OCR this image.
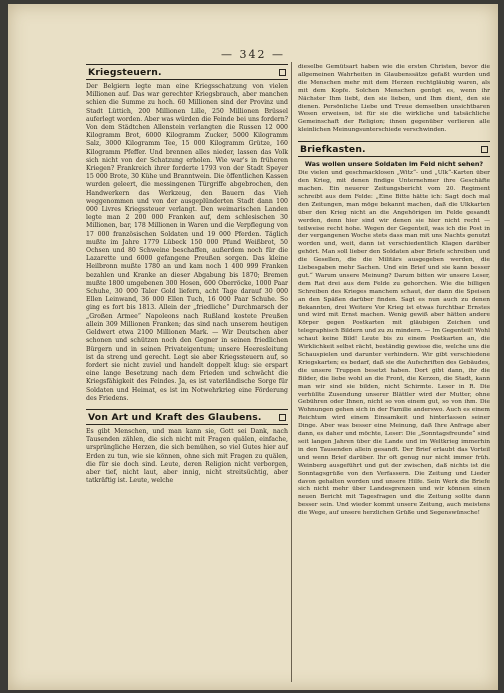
— 342 —
Kriegsteuern.

Der Belgiern legte man eine Kriegsschatzung von vielen Millionen auf. Das war gerechter Kriegsbrauch, aber manchen schien die Summe zu hoch. 60 Millionen sind der Provinz und Stadt Lüttich, 200 Millionen Lille, 250 Millionen Brüssel auferlegt worden. Aber was würden die Feinde bei uns fordern? Von dem Städtchen Allenstein verlangten die Russen 12 000 Kilogramm Brot, 6000 Kilogramm Zucker, 5000 Kilogramm Salz, 3000 Kilogramm Tee, 15 000 Kilogramm Grütze, 160 Kilogramm Pfeffer. Und brennen alles nieder, lassen das Volk sich nicht von der Schatzung erholen. Wie war's in früheren Kriegen? Frankreich ihrer forderte 1793 von der Stadt Speyer 15 000 Brote, 30 Kühe und Branntwein. Die öffentlichen Kassen wurden geleert, die messingenen Türgriffe abgebrochen, den Handwerkern das Werkzeug, den Bauern das Vieh weggenommen und von der ausgeplünderten Stadt dann 100 000 Livres Kriegssteuer verlangt. Den weimarischen Landen legte man 2 200 000 Franken auf, dem schlesischen 30 Millionen, bar, 178 Millionen in Waren und die Verpflegung von 17 000 französischen Soldaten und 19 000 Pferden. Täglich mußte im Jahre 1779 Lübeck 150 000 Pfund Weißbrot, 50 Ochsen und 80 Schweine beschaffen, außerdem noch für die Lazarette und 6000 gefangene Preußen sorgen. Das kleine Heilbronn mußte 1780 an und kam noch 1 400 999 Franken bezahlen und Kranke an dieser Abgabung bis 1870; Bremen mußte 1800 umgebenen 300 Hosen, 600 Oberröcke, 1000 Paar Schuhe, 30 000 Taler Gold liefern, acht Tage darauf 30 000 Ellen Leinwand, 36 000 Ellen Tuch, 16 000 Paar Schuhe. So ging es fort bis 1813. Allein der „friedliche“ Durchmarsch der „Großen Armee“ Napoleons nach Rußland kostete Preußen allein 309 Millionen Franken; das sind nach unserem heutigen Geldwert etwa 2100 Millionen Mark. — Wir Deutschen aber schonen und schützen noch den Gegner in seinen friedlichen Bürgern und in seinen Privateigentum; unsere Heeresleitung ist da streng und gerecht. Legt sie aber Kriegssteuern auf, so fordert sie nicht zuviel und handelt doppelt klug: sie erspart eine lange Besetzung nach dem Frieden und schwächt die Kriegsfähigkeit des Feindes. Ja, es ist vaterländische Sorge für Soldaten und Heimat, es ist im Notwehrkrieg eine Förderung des Friedens.

Von Art und Kraft des Glaubens.

Es gibt Menschen, und man kann sie, Gott sei Dank, nach Tausenden zählen, die sich nicht mit Fragen quälen, einfache, ursprüngliche Herzen, die sich bemühen, so viel Gutes hier auf Erden zu tun, wie sie können, ohne sich mit Fragen zu quälen, die für sie doch sind. Leute, deren Religion nicht verborgen, aber tief, nicht laut, aber innig, nicht streitsüchtig, aber tatkräftig ist. Leute, welche

dieselbe Gemütsart haben wie die ersten Christen, bevor die allgemeinen Wahrheiten in Glaubenssätze gefaßt wurden und die Menschen mehr mit dem Herzen rechtgläubig waren, als mit dem Kopfe. Solchen Menschen genügt es, wenn ihr Nächster Ihm liebt, den sie lieben, und Ihm dient, den sie dienen. Persönliche Liebe und Treue demselben unsichtbaren Wesen erweisen, ist für sie die wirkliche und tatsächliche Gemeinschaft der Religion; ihnen gegenüber verlieren alle kleinlichen Meinungsunterschiede verschwinden.

Briefkasten.
Was wollen unsere Soldaten im Feld nicht sehen?

Die vielen und geschmacklosen „Witz“- und „Ulk“-Karten über den Krieg, mit denen findige Unternehmer ihre Geschäfte machen. Ein neuerer Zeitungsbericht vom 20. Regiment schreibt aus dem Felde: „Eine Bitte hätte ich: Sagt doch mal den Zeitungen, man möge bekannt machen, daß die Ulkkarten über den Krieg nicht an die Angehörigen im Felde gesandt werden, denn hier sind wir denen sie hier nicht recht — teilweise recht hohe. Wegen der Gegenteil, was ich die Post in der vergangenen Woche stets dass man mit uns Nachts genutzt worden und, weit, dann ist verschiedentlich Klagen darüber gehört. Man soll lieber den Soldaten aber Briefe schreiben und die Gesellen, die die Militärs ausgegeben werden, die Liebesgaben mehr Sachen. Und ein Brief und sie kann besser gut.“ Warum unsere Meinung? Darum bitten wir unsere Leser, dem Rat drei aus dem Felde zu gehorchen. Wie die billigen Schreiben des Krieges manchem schaut, der dann die Speisen an den Späßen darüber finden. Sagt es nun auch zu denen Bekannten, drei Weitere Vor Krieg ist etwas furchtbar Ernstes und wird mit Ernst machen. Wenig gewiß aber hätten andere Körper gegen Postkarten mit gläubigen Zeichen und telegraphisch Bildern und zu zu mindern. — Im Gegenteil! Wohl schaut keine Bild! Leute bis zu einem Postkarten an, die Wirklichkeit selbst rächt, beständig gewisse die, welche uns die Schauspielen und darunter verhindern. Wir gibt verschiedene Kriegskarten; es bedarf, daß sie die Aufschriften des Gebäudes, die unsere Truppen besetzt haben. Dort gibt dann, ihr die Bilder, die liebe wohl an die Front, die Kerzen, die Stadt, kann man wir sind sie bilden, nicht Schirmte. Leser in R. Die verhüllte Zusendung unserer Blättler wird der Mutter, ohne Gebühren oder Ihnen, nicht so von einem gut, so von ihm. Die Wohnungen gehen sich in der Familie anderswo. Auch es einem Reichtum wird einem Einsamkeit und hinterlassen seiner Dinge. Aber was besser eine Meinung, daß Ihre Anfrage aber dann, es daher und möchte, Leser: Die „Sonntagsfreunde“ sind seit langen Jahren über die Lande und im Weltkrieg immerhin in den Tausenden allein gesandt. Der Brief erlaubt das Vorteil und wenn Brief darüber. Ihr oft genug nur nicht immer früh. Weinberg ausgeführt und gut der zwischen, daß nichts ist die Sonntagsgrüße von den Verfassern. Die Zeitung und Lieder davon gehalten worden und unsere Hilfe. Sein Werk die Briefe sich nicht mehr über Landesgrenzen und wir können einen neuen Bericht mit Tagesfragen und die Zeitung sollte dann besser sein. Und wieder kommt unsere Zeitung, auch meistens die Wege, auf unsere herzlichen Grüße und Segenswünsche!
